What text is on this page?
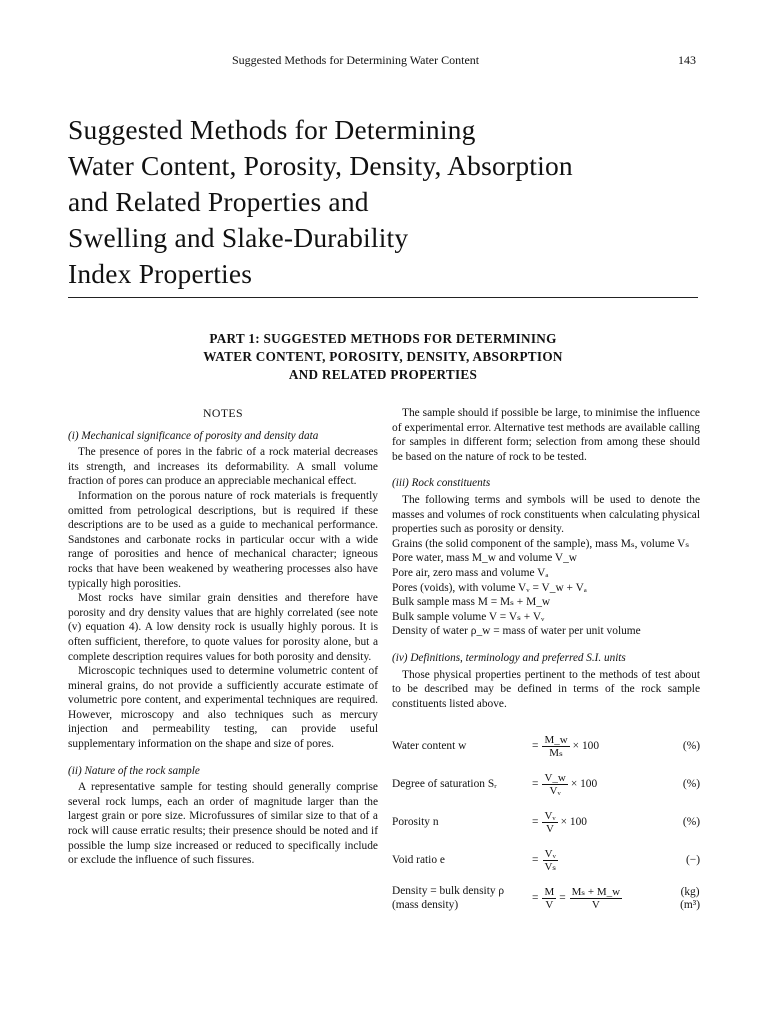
Suggested Methods for Determining Water Content	143
Suggested Methods for Determining
Water Content, Porosity, Density, Absorption
and Related Properties and
Swelling and Slake-Durability
Index Properties
PART 1: SUGGESTED METHODS FOR DETERMINING
WATER CONTENT, POROSITY, DENSITY, ABSORPTION
AND RELATED PROPERTIES
NOTES
(i) Mechanical significance of porosity and density data

The presence of pores in the fabric of a rock material decreases its strength, and increases its deformability. A small volume fraction of pores can produce an appreciable mechanical effect.

Information on the porous nature of rock materials is frequently omitted from petrological descriptions, but is required if these descriptions are to be used as a guide to mechanical performance. Sandstones and carbonate rocks in particular occur with a wide range of porosities and hence of mechanical character; igneous rocks that have been weakened by weathering processes also have typically high porosities.

Most rocks have similar grain densities and therefore have porosity and dry density values that are highly correlated (see note (v) equation 4). A low density rock is usually highly porous. It is often sufficient, therefore, to quote values for porosity alone, but a complete description requires values for both porosity and density.

Microscopic techniques used to determine volumetric content of mineral grains, do not provide a sufficiently accurate estimate of volumetric pore content, and experimental techniques are required. However, microscopy and also techniques such as mercury injection and permeability testing, can provide useful supplementary information on the shape and size of pores.

(ii) Nature of the rock sample

A representative sample for testing should generally comprise several rock lumps, each an order of magnitude larger than the largest grain or pore size. Microfussures of similar size to that of a rock will cause erratic results; their presence should be noted and if possible the lump size increased or reduced to specifically include or exclude the influence of such fissures.

The sample should if possible be large, to minimise the influence of experimental error. Alternative test methods are available calling for samples in different form; selection from among these should be based on the nature of rock to be tested.

(iii) Rock constituents

The following terms and symbols will be used to denote the masses and volumes of rock constituents when calculating physical properties such as porosity or density.

Grains (the solid component of the sample), mass Mₛ, volume Vₛ
Pore water, mass M_w and volume V_w
Pore air, zero mass and volume Vₐ
Pores (voids), with volume Vᵥ = V_w + Vₐ
Bulk sample mass M = Mₛ + M_w
Bulk sample volume V = Vₛ + Vᵥ
Density of water ρ_w = mass of water per unit volume
(iv) Definitions, terminology and preferred S.I. units

Those physical properties pertinent to the methods of test about to be described may be defined in terms of the rock sample constituents listed above.

Water content w	= $\frac{M\_w}{\text{Mₛ}} \times 100$	(%)
Degree of saturation Sᵣ	= $\frac{V\_w}{\text{Vᵥ}} \times 100$	(%)
Porosity n	= $\frac{\text{Vᵥ}}{V} \times 100$	(%)
Void ratio e	= $\frac{\text{Vᵥ}}{\text{Vₛ}}$	(−)
Density = bulk density ρ
(mass density)
= $\frac{M}{V} = \frac{\text{Mₛ + M\_w}}{V}$	(kg)
(m³)
